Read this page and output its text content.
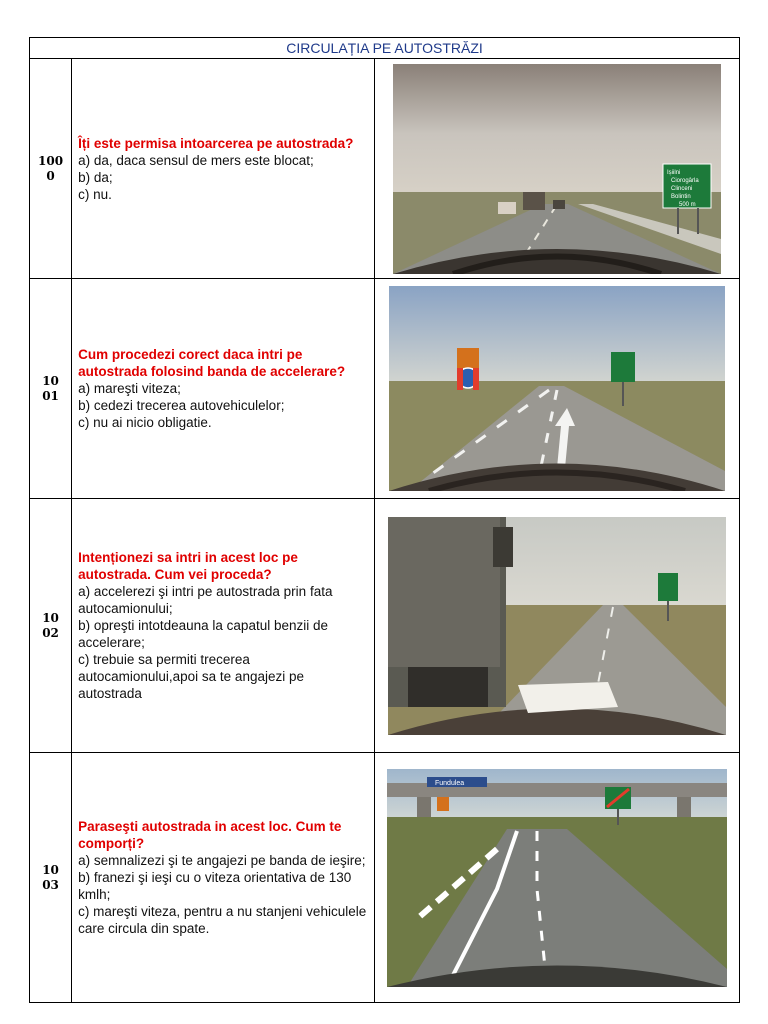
CIRCULAȚIA PE AUTOSTRĂZI		

100
0	Îți este permisa intoarcerea pe autostrada?
a) da, daca sensul de mers este blocat;
b) da;
c) nu.	Ișiilni
Ciorogârla
Clinceni
Bolintin
500 m

10
01	Cum procedezi corect daca intri pe autostrada folosind banda de accelerare?
a) mareşti viteza;
b) cedezi trecerea autovehiculelor;
c) nu ai nicio obligatie.

10
02	Intenționezi sa intri in acest loc pe autostrada. Cum vei proceda?
a) accelerezi şi intri pe autostrada prin fata autocamionului;
b) opreşti intotdeauna la capatul benzii de accelerare;
c) trebuie sa permiti trecerea autocamionului,apoi sa te angajezi pe autostrada

10
03	Paraseşti autostrada in acest loc. Cum te comporți?
a) semnalizezi şi te angajezi pe banda de ieşire;
b) franezi şi ieşi cu o viteza orientativa de 130 kmlh;
c) mareşti viteza, pentru a nu stanjeni vehiculele care circula din spate.	Fundulea
